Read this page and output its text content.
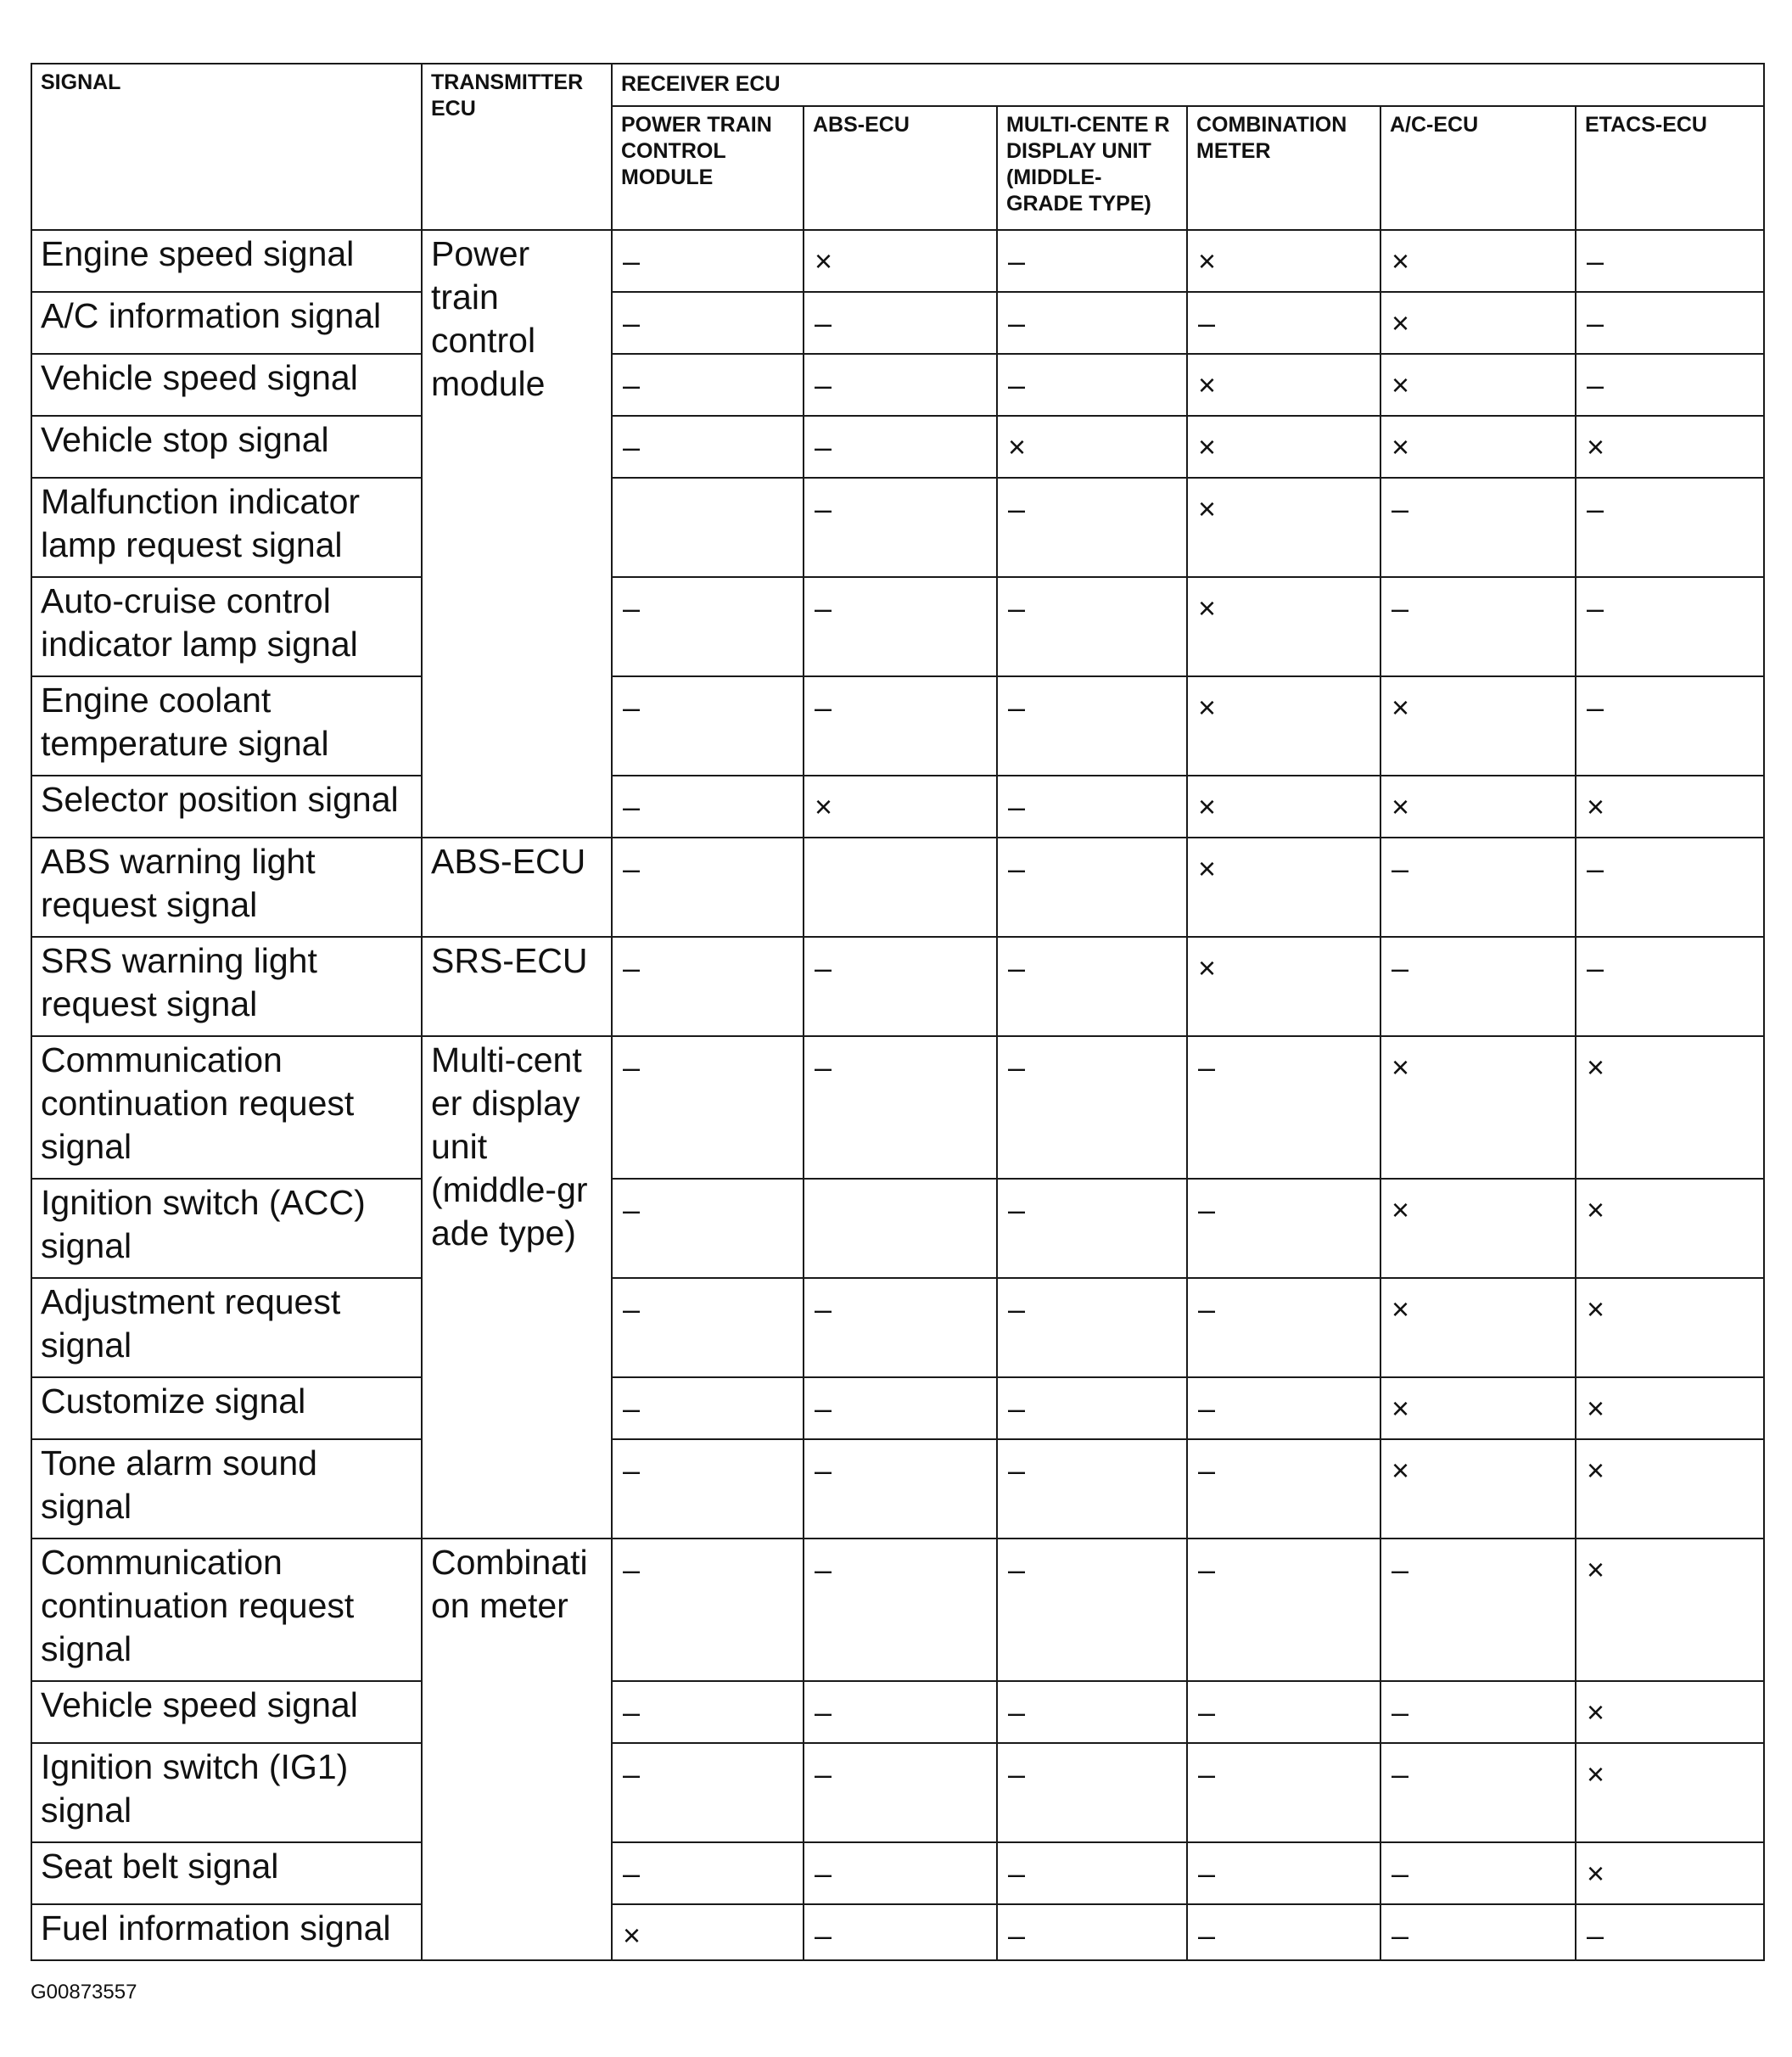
SIGNAL	TRANSMITTER ECU	RECEIVER ECU					
		POWER TRAIN CONTROL MODULE	ABS-ECU	MULTI-CENTE R DISPLAY UNIT (MIDDLE-GRADE TYPE)	COMBINATION METER	A/C-ECU	ETACS-ECU
Engine speed signal	Power train control module	–	×	–	×	×	–
A/C information signal		–	–	–	–	×	–
Vehicle speed signal		–	–	–	×	×	–
Vehicle stop signal		–	–	×	×	×	×
Malfunction indicator lamp request signal			–	–	×	–	–
Auto-cruise control indicator lamp signal		–	–	–	×	–	–
Engine coolant temperature signal		–	–	–	×	×	–
Selector position signal		–	×	–	×	×	×
ABS warning light request signal	ABS-ECU	–		–	×	–	–
SRS warning light request signal	SRS-ECU	–	–	–	×	–	–
Communication continuation request signal	Multi-cent er display unit (middle-gr ade type)	–	–	–	–	×	×
Ignition switch (ACC) signal		–		–	–	×	×
Adjustment request signal		–	–	–	–	×	×
Customize signal		–	–	–	–	×	×
Tone alarm sound signal		–	–	–	–	×	×
Communication continuation request signal	Combinati on meter	–	–	–	–	–	×
Vehicle speed signal		–	–	–	–	–	×
Ignition switch (IG1) signal		–	–	–	–	–	×
Seat belt signal		–	–	–	–	–	×
Fuel information signal		×	–	–	–	–	–
G00873557
